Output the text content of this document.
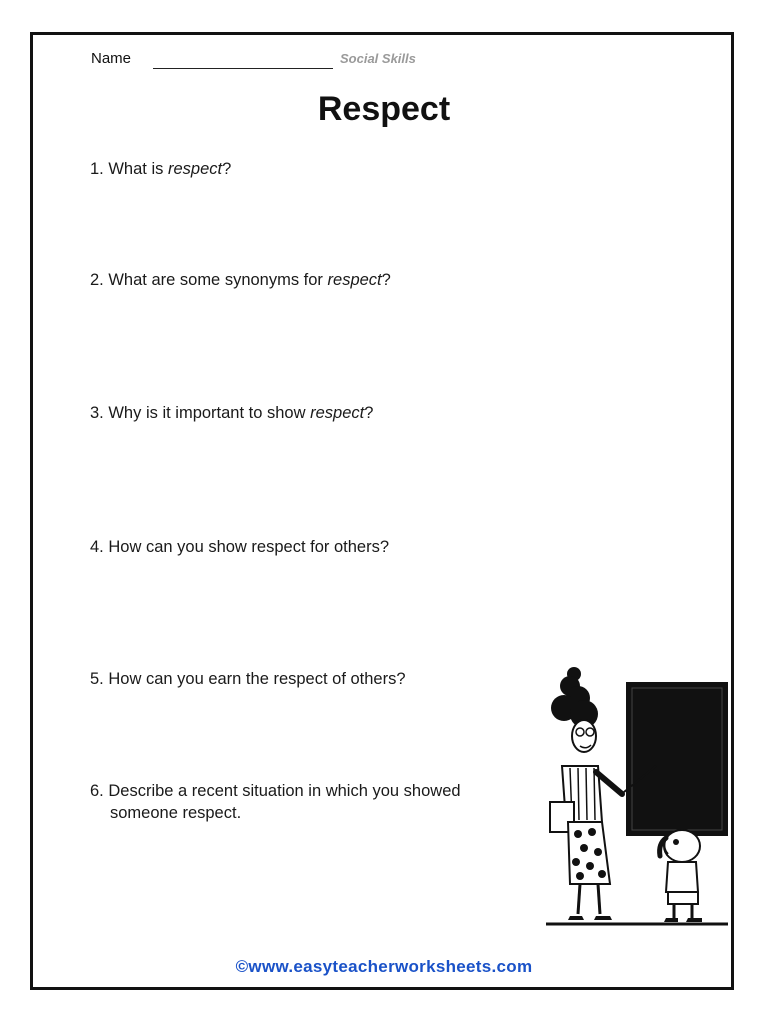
Name	Social Skills
Respect
1. What is respect?
2. What are some synonyms for respect?
3. Why is it important to show respect?
4. How can you show respect for others?
5. How can you earn the respect of others?
6. Describe a recent situation in which you showed
someone respect.
©www.easyteacherworksheets.com
